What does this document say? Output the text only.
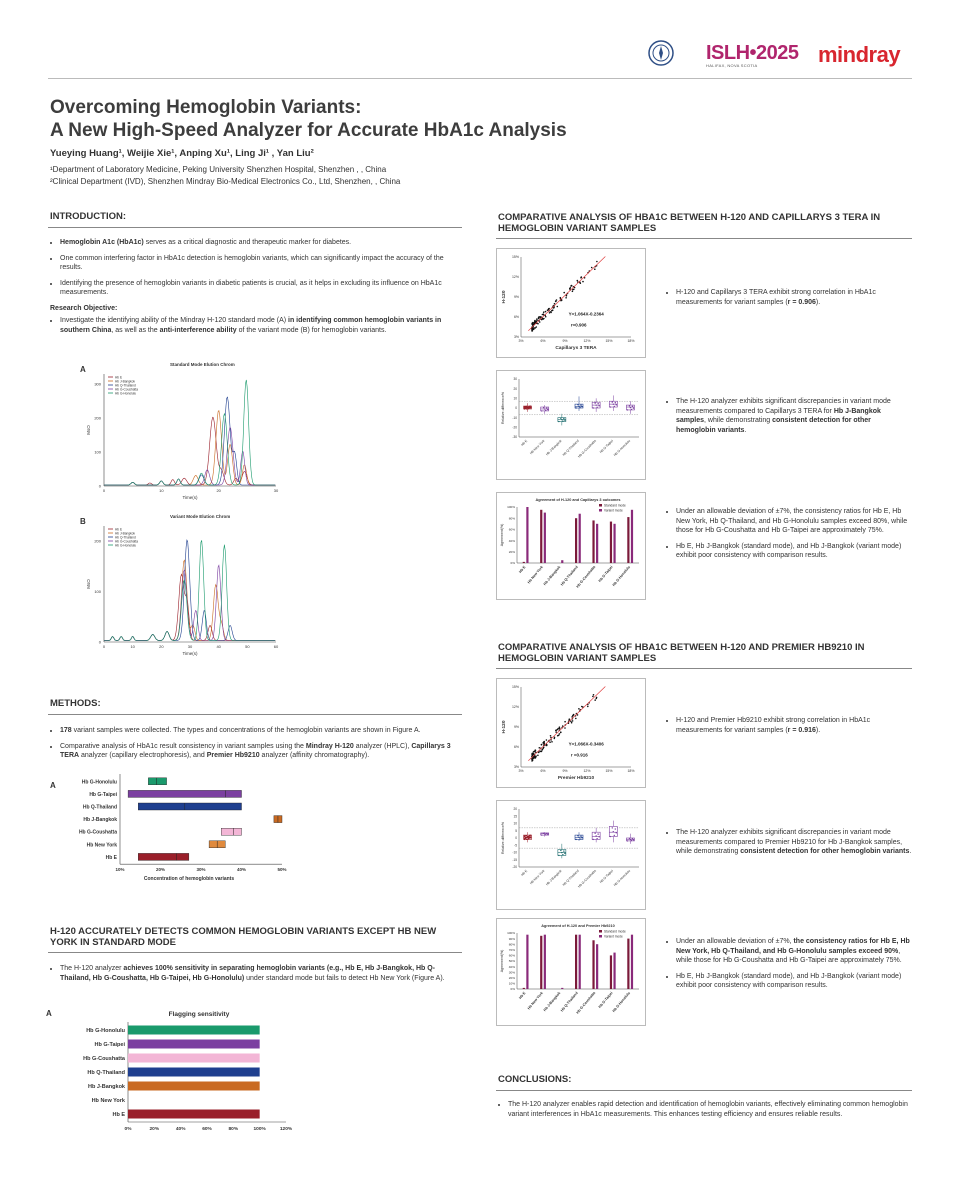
ISLH•2025
HALIFAX, NOVA SCOTIA	mindray
Overcoming Hemoglobin Variants:
A New High-Speed Analyzer for Accurate HbA1c Analysis
Yueying Huang¹, Weijie Xie¹, Anping Xu¹, Ling Ji¹ , Yan Liu²
¹Department of Laboratory Medicine, Peking University Shenzhen Hospital, Shenzhen , , China
²Clinical Department (IVD), Shenzhen Mindray Bio-Medical Electronics Co., Ltd, Shenzhen, , China
INTRODUCTION:
• Hemoglobin A1c (HbA1c) serves as a critical diagnostic and therapeutic marker for diabetes.
• One common interfering factor in HbA1c detection is hemoglobin variants, which can significantly impact the accuracy of the results.
• Identifying the presence of hemoglobin variants in diabetic patients is crucial, as it helps in excluding its influence on HbA1c measurements.

Research Objective:

• Investigate the identifying ability of the Mindray H-120 standard mode (A) in identifying common hemoglobin variants in southern China, as well as the anti-interference ability of the variant mode (B) for hemoglobin variants.
A
Standard Mode Elution Chrom
0
100
200
300
0	10	20	30
MsO
Time(s)
Hb E
Hb J-Bangkok
Hb Q-Thailand
Hb G-Coushatta
Hb G-Honolulu
B
Variant Mode Elution Chrom
0
100
200
0	10	20	30	40	50	60
MsO
Time(s)
Hb E
Hb J-Bangkok
Hb Q-Thailand
Hb G-Coushatta
Hb G-Honolulu
METHODS:
• 178 variant samples were collected. The types and concentrations of the hemoglobin variants are shown in Figure A.
• Comparative analysis of HbA1c result consistency in variant samples using the Mindray H-120 analyzer (HPLC), Capillarys 3 TERA analyzer (capillary electrophoresis), and Premier Hb9210 analyzer (affinity chromatography).
A	Hb G-Honolulu
Hb G-Taipei
Hb Q-Thailand
Hb J-Bangkok
Hb G-Coushatta
Hb New York
Hb E
10%	20%	30%	40%	50%
Concentration of hemoglobin variants
H-120 ACCURATELY DETECTS COMMON HEMOGLOBIN VARIANTS EXCEPT HB NEW YORK IN STANDARD MODE
• The H-120 analyzer achieves 100% sensitivity in separating hemoglobin variants (e.g., Hb E, Hb J-Bangkok, Hb Q-Thailand, Hb G-Coushatta, Hb G-Taipei, Hb G-Honolulu) under standard mode but fails to detect Hb New York (Figure A).
A	Flagging sensitivity
Hb G-Honolulu
Hb G-Taipei
Hb G-Coushatta
Hb Q-Thailand
Hb J-Bangkok
Hb New York
Hb E
0%	20%	40%	60%	80%	100%	120%
COMPARATIVE ANALYSIS OF HBA1C BETWEEN H-120 AND CAPILLARYS 3 TERA IN HEMOGLOBIN VARIANT SAMPLES
3%	6%	9%	12%	15%	18%
3%
6%
9%
12%
15%
Capillarys 3 TERA
H-120
Y=1.064X-0.2364
r=0.906
-30
-20
-10
0
10
20
30
Relative difference%
Hb E Hb New York Hb J-Bangkok Hb Q-Thailand
Hb G-Coushatta Hb G-Taipei
Hb G-Honolulu
Agreement of H-120 and Capillarys 3 outcomes
0%
20%
40%
60%
80%
100%
Agreement(%)
Standard mode
Variant mode
Hb E Hb New York
Hb J-Bangkok
Hb Q-Thailand
Hb G-Coushatta Hb G-Taipei
Hb G-Honolulu
• H-120 and Capillarys 3 TERA exhibit strong correlation in HbA1c measurements for variant samples (r = 0.906).
• The H-120 analyzer exhibits significant discrepancies in variant mode measurements compared to Capillarys 3 TERA for Hb J-Bangkok samples, while demonstrating consistent detection for other hemoglobin variants.
• Under an allowable deviation of ±7%, the consistency ratios for Hb E, Hb New York, Hb Q-Thailand, and Hb G-Honolulu samples exceed 80%, while those for Hb G-Coushatta and Hb G-Taipei are approximately 75%.
• Hb E, Hb J-Bangkok (standard mode), and Hb J-Bangkok (variant mode) exhibit poor consistency with comparison results.
COMPARATIVE ANALYSIS OF HBA1C BETWEEN H-120 AND PREMIER HB9210 IN HEMOGLOBIN VARIANT SAMPLES
3%	6%	9%	12%	15%	18%
3%
6%
9%
12%
15%
Premier Hb9210
H-120
Y=1.066X-0.3406
r =0.916
-20
-15
-10
-5
0
5
10
15
20
Relative difference%
Hb E Hb New York Hb J-Bangkok Hb Q-Thailand
Hb G-Coushatta Hb G-Taipei
Hb G-Honolulu
Agreement of H-120 and Premier Hb9210
0%
10%
20%
30%
40%
50%
60%
70%
80%
90%
100%
Agreement(%)
Standard mode
Variant mode
Hb E Hb New York
Hb J-Bangkok
Hb Q-Thailand
Hb G-Coushatta Hb G-Taipei
Hb G-Honolulu
• H-120 and Premier Hb9210 exhibit strong correlation in HbA1c measurements for variant samples (r = 0.916).
• The H-120 analyzer exhibits significant discrepancies in variant mode measurements compared to Premier Hb9210 for Hb J-Bangkok samples, while demonstrating consistent detection for other hemoglobin variants.
• Under an allowable deviation of ±7%, the consistency ratios for Hb E, Hb New York, Hb Q-Thailand, and Hb G-Honolulu samples exceed 90%, while those for Hb G-Coushatta and Hb G-Taipei are approximately 75%.
• Hb E, Hb J-Bangkok (standard mode), and Hb J-Bangkok (variant mode) exhibit poor consistency with comparison results.
CONCLUSIONS:
• The H-120 analyzer enables rapid detection and identification of hemoglobin variants, effectively eliminating common hemoglobin variant interferences in HbA1c measurements. This enhances testing efficiency and ensures reliable results.
